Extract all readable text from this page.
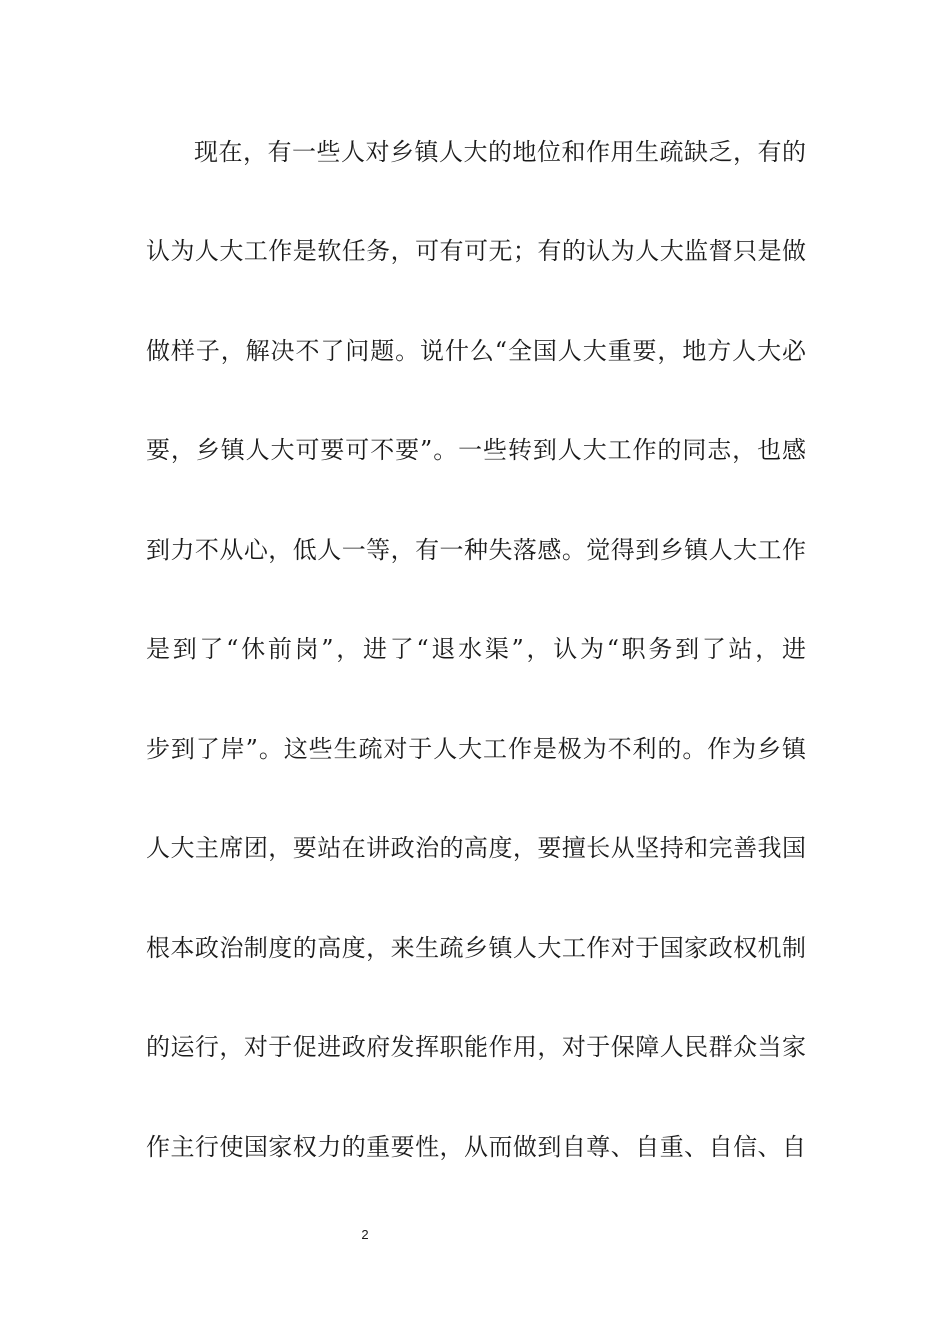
现在，有一些人对乡镇人大的地位和作用生疏缺乏，有的
认为人大工作是软任务，可有可无；有的认为人大监督只是做
做样子，解决不了问题。说什么“全国人大重要，地方人大必
要，乡镇人大可要可不要”。一些转到人大工作的同志，也感
到力不从心，低人一等，有一种失落感。觉得到乡镇人大工作
是到了“休前岗”，进了“退水渠”，认为“职务到了站，进
步到了岸”。这些生疏对于人大工作是极为不利的。作为乡镇
人大主席团，要站在讲政治的高度，要擅长从坚持和完善我国
根本政治制度的高度，来生疏乡镇人大工作对于国家政权机制
的运行，对于促进政府发挥职能作用，对于保障人民群众当家
作主行使国家权力的重要性，从而做到自尊、自重、自信、自
2
